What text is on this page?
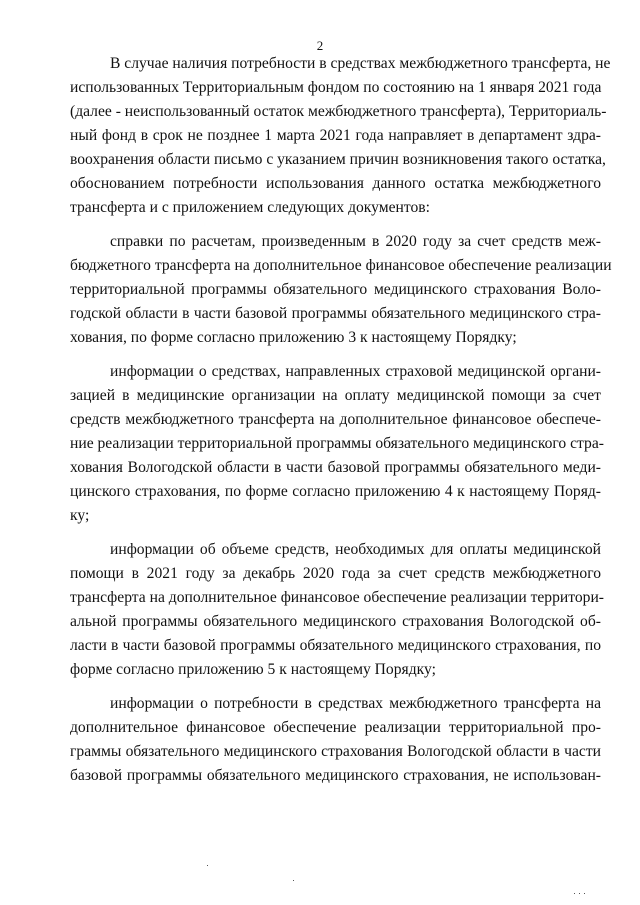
2
В случае наличия потребности в средствах межбюджетного трансферта, не
использованных Территориальным фондом по состоянию на 1 января 2021 года
(далее - неиспользованный остаток межбюджетного трансферта), Территориаль-
ный фонд в срок не позднее 1 марта 2021 года направляет в департамент здра-
воохранения области письмо с указанием причин возникновения такого остатка,
обоснованием потребности использования данного остатка межбюджетного
трансферта и с приложением следующих документов:
справки по расчетам, произведенным в 2020 году за счет средств меж-
бюджетного трансферта на дополнительное финансовое обеспечение реализации
территориальной программы обязательного медицинского страхования Воло-
годской области в части базовой программы обязательного медицинского стра-
хования, по форме согласно приложению 3 к настоящему Порядку;
информации о средствах, направленных страховой медицинской органи-
зацией в медицинские организации на оплату медицинской помощи за счет
средств межбюджетного трансферта на дополнительное финансовое обеспече-
ние реализации территориальной программы обязательного медицинского стра-
хования Вологодской области в части базовой программы обязательного меди-
цинского страхования, по форме согласно приложению 4 к настоящему Поряд-
ку;
информации об объеме средств, необходимых для оплаты медицинской
помощи в 2021 году за декабрь 2020 года за счет средств межбюджетного
трансферта на дополнительное финансовое обеспечение реализации территори-
альной программы обязательного медицинского страхования Вологодской об-
ласти в части базовой программы обязательного медицинского страхования, по
форме согласно приложению 5 к настоящему Порядку;
информации о потребности в средствах межбюджетного трансферта на
дополнительное финансовое обеспечение реализации территориальной про-
граммы обязательного медицинского страхования Вологодской области в части
базовой программы обязательного медицинского страхования, не использован-
